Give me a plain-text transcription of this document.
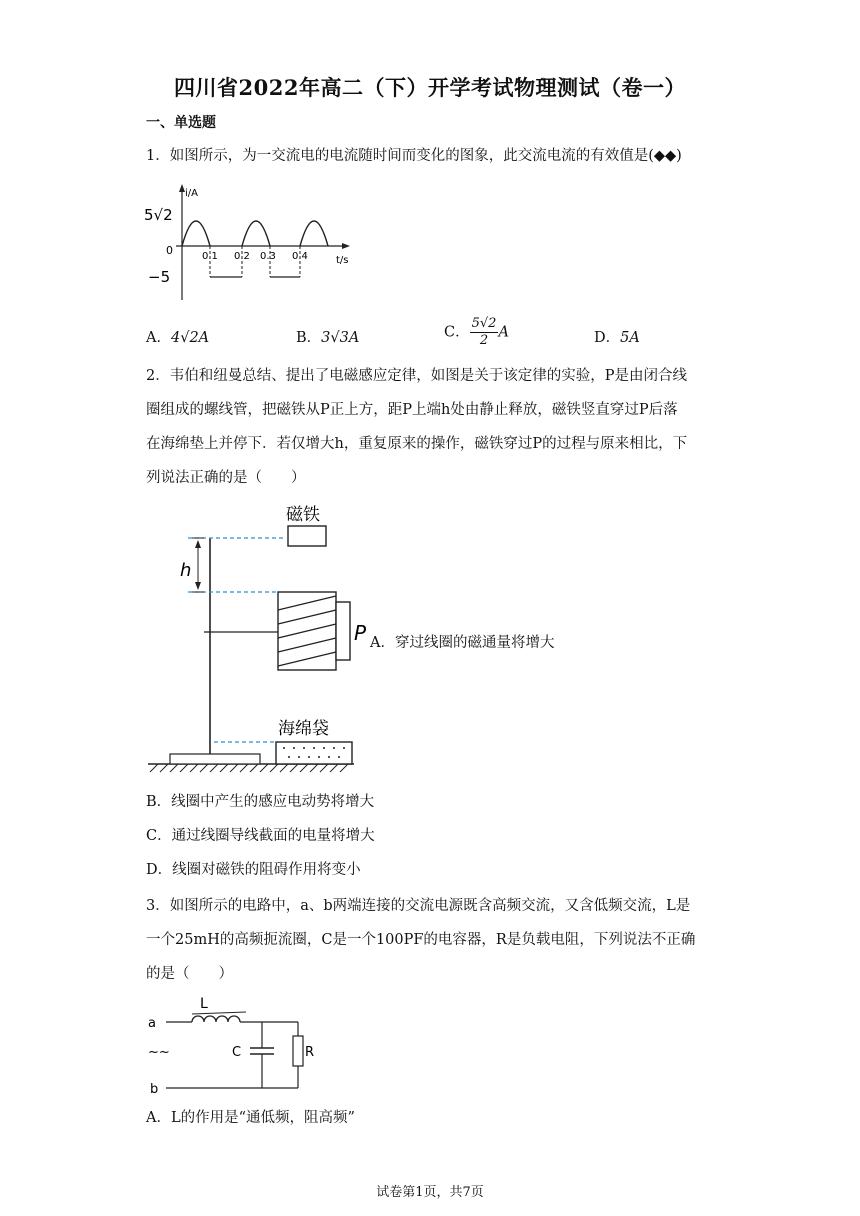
四川省2022年高二（下）开学考试物理测试（卷一）
一、单选题
1．如图所示，为一交流电的电流随时间而变化的图象，此交流电流的有效值是(◆◆)
i/A
5√2
0
−5
t/s
0.1 0.2 0.3 0.4
A．4√2A	B．3√3A	C． $\frac{5√2}{2}$ A	D．5A
2．韦伯和纽曼总结、提出了电磁感应定律，如图是关于该定律的实验，P是由闭合线
圈组成的螺线管，把磁铁从P正上方，距P上端h处由静止释放，磁铁竖直穿过P后落
在海绵垫上并停下．若仅增大h，重复原来的操作，磁铁穿过P的过程与原来相比，下
列说法正确的是（　　）
h
磁铁
P
海绵袋
A．穿过线圈的磁通量将增大
B．线圈中产生的感应电动势将增大
C．通过线圈导线截面的电量将增大
D．线圈对磁铁的阻碍作用将变小
3．如图所示的电路中，a、b两端连接的交流电源既含高频交流，又含低频交流，L是
一个25mH的高频扼流圈，C是一个100PF的电容器，R是负载电阻，下列说法不正确
的是（　　）
L
a
~~
b
C	R
A．L的作用是“通低频，阻高频”
试卷第1页，共7页
